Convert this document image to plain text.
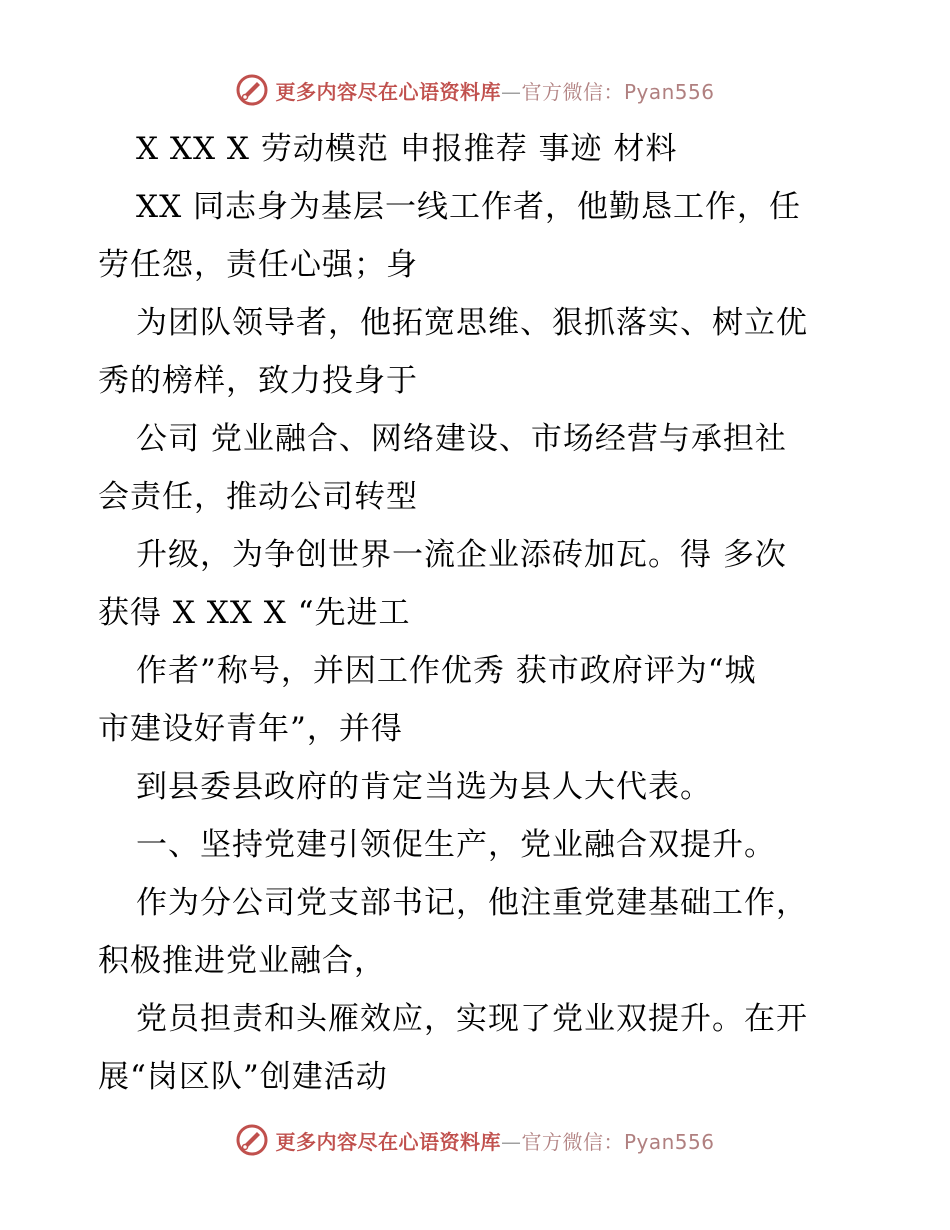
更多内容尽在心语资料库—官方微信：Pyan556
X XX X 劳动模范 申报推荐 事迹 材料
XX 同志身为基层一线工作者，他勤恳工作，任
劳任怨，责任心强；身
为团队领导者，他拓宽思维、狠抓落实、树立优
秀的榜样，致力投身于
公司 党业融合、网络建设、市场经营与承担社
会责任，推动公司转型
升级，为争创世界一流企业添砖加瓦。得 多次
获得 X XX X “先进工
作者”称号，并因工作优秀 获市政府评为“城
市建设好青年”，并得
到县委县政府的肯定当选为县人大代表。
一、坚持党建引领促生产，党业融合双提升。
作为分公司党支部书记，他注重党建基础工作，
积极推进党业融合，
党员担责和头雁效应，实现了党业双提升。在开
展“岗区队”创建活动
更多内容尽在心语资料库—官方微信：Pyan556
